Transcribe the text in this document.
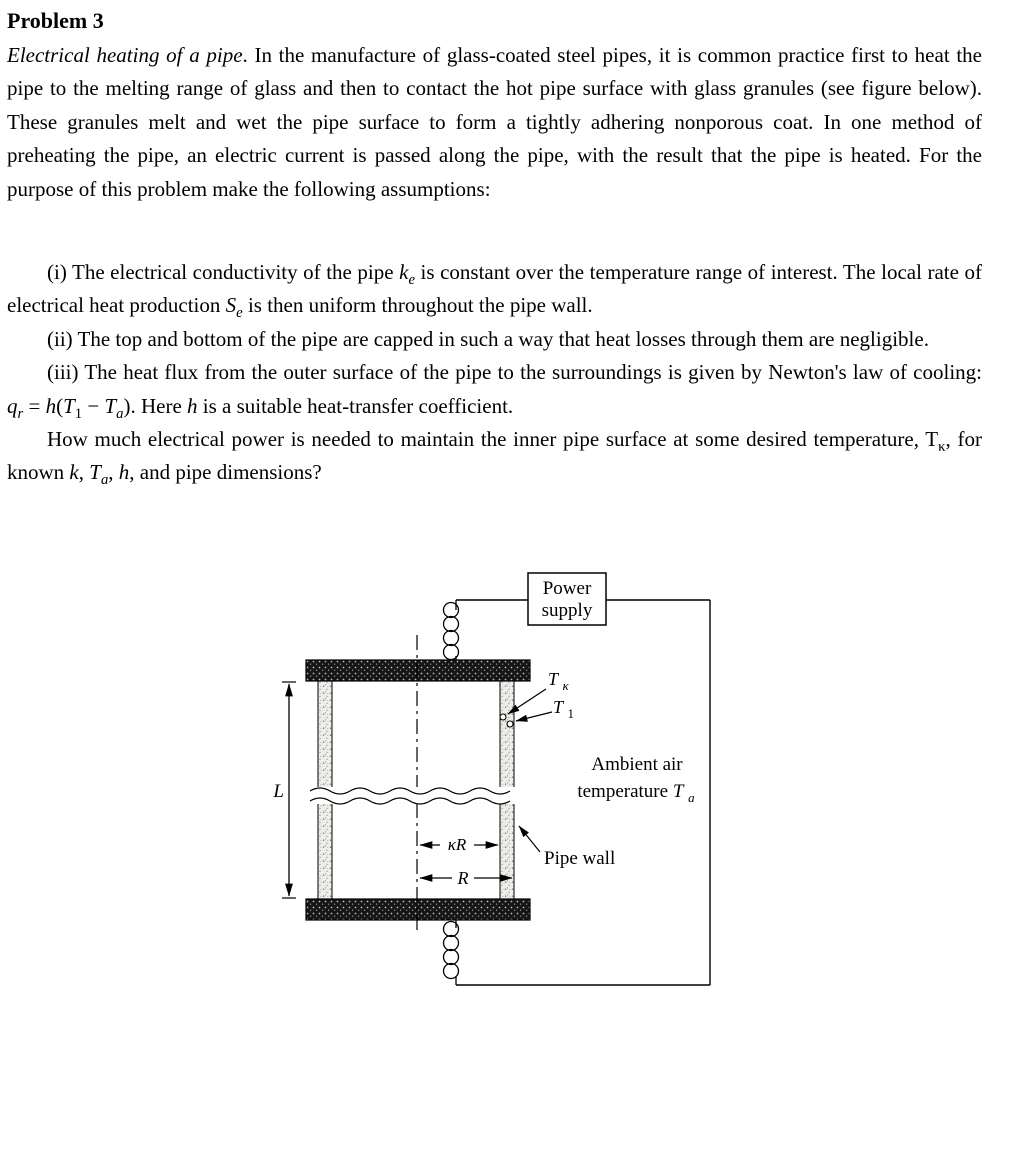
Problem 3

Electrical heating of a pipe. In the manufacture of glass-coated steel pipes, it is common practice first to heat the pipe to the melting range of glass and then to contact the hot pipe surface with glass granules (see figure below). These granules melt and wet the pipe surface to form a tightly adhering nonporous coat. In one method of preheating the pipe, an electric current is passed along the pipe, with the result that the pipe is heated. For the purpose of this problem make the following assumptions:

(i) The electrical conductivity of the pipe $k_e$ is constant over the temperature range of interest. The local rate of electrical heat production $S_e$ is then uniform throughout the pipe wall.

(ii) The top and bottom of the pipe are capped in such a way that heat losses through them are negligible.

(iii) The heat flux from the outer surface of the pipe to the surroundings is given by Newton's law of cooling: $q_r = h(T_1 - T_a)$. Here h is a suitable heat-transfer coefficient.

How much electrical power is needed to maintain the inner pipe surface at some desired temperature, $T_\kappa$, for known k, $T_a$, h, and pipe dimensions?

Power
supply
L
κR
R
T $_\kappa$
T $_1$
Ambient air
temperature T $_a$
Pipe wall
